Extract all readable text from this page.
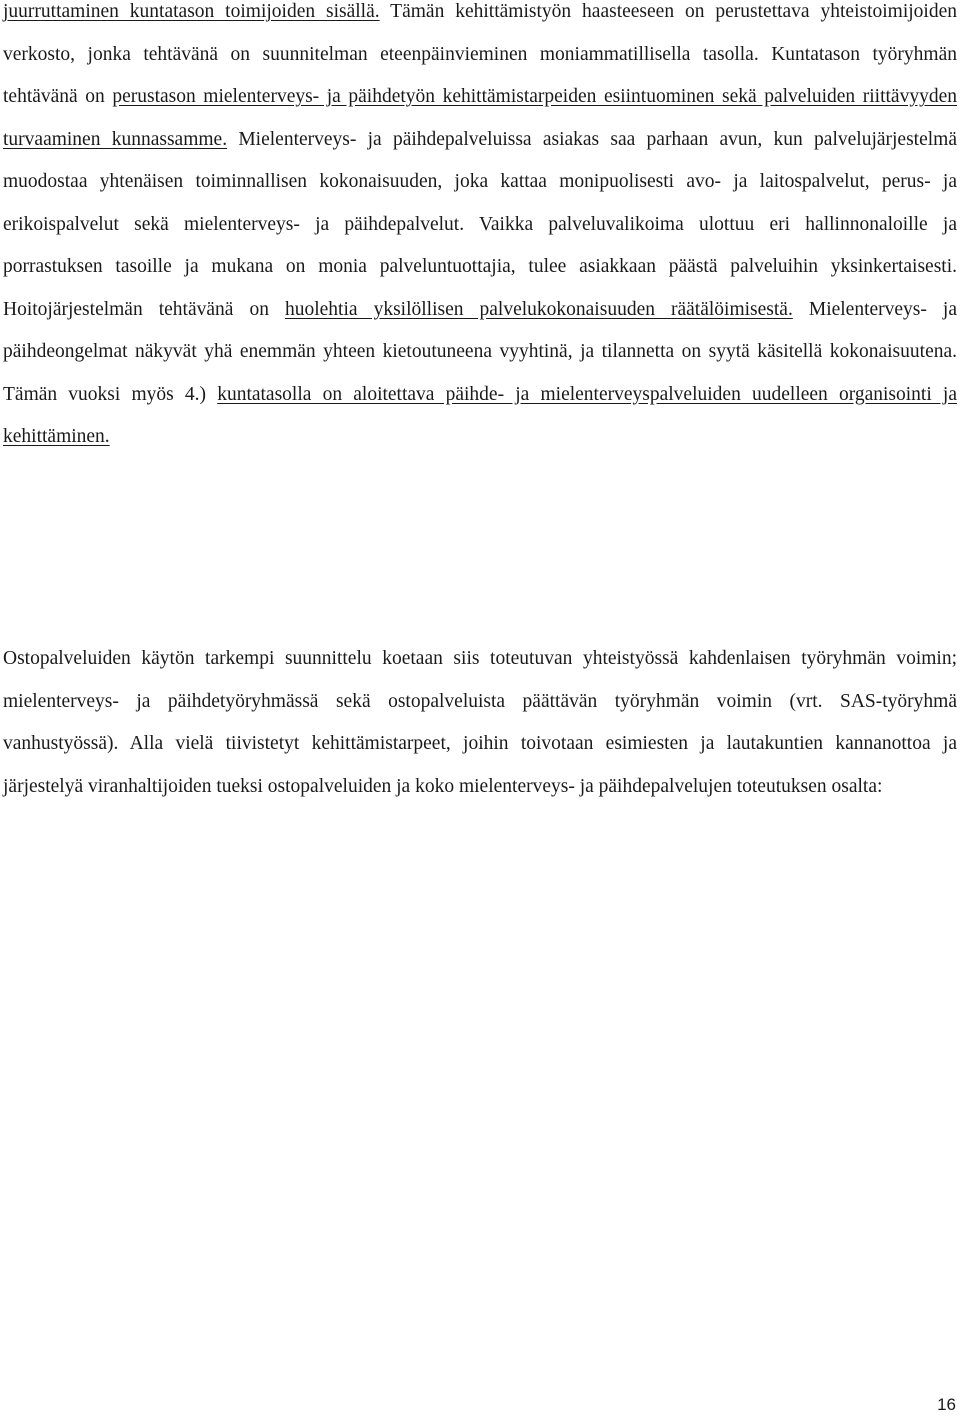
juurruttaminen kuntatason toimijoiden sisällä. Tämän kehittämistyön haasteeseen on perustettava yhteistoimijoiden verkosto, jonka tehtävänä on suunnitelman eteenpäinvieminen moniammatillisella tasolla. Kuntatason työryhmän tehtävänä on perustason mielenterveys- ja päihdetyön kehittämistarpeiden esiintuominen sekä palveluiden riittävyyden turvaaminen kunnassamme. Mielenterveys- ja päihdepalveluissa asiakas saa parhaan avun, kun palvelujärjestelmä muodostaa yhtenäisen toiminnallisen kokonaisuuden, joka kattaa monipuolisesti avo- ja laitospalvelut, perus- ja erikoispalvelut sekä mielenterveys- ja päihdepalvelut. Vaikka palveluvalikoima ulottuu eri hallinnonaloille ja porrastuksen tasoille ja mukana on monia palveluntuottajia, tulee asiakkaan päästä palveluihin yksinkertaisesti. Hoitojärjestelmän tehtävänä on huolehtia yksilöllisen palvelukokonaisuuden räätälöimisestä. Mielenterveys- ja päihdeongelmat näkyvät yhä enemmän yhteen kietoutuneena vyyhtinä, ja tilannetta on syytä käsitellä kokonaisuutena. Tämän vuoksi myös 4.) kuntatasolla on aloitettava päihde- ja mielenterveyspalveluiden uudelleen organisointi ja kehittäminen.

Ostopalveluiden käytön tarkempi suunnittelu koetaan siis toteutuvan yhteistyössä kahdenlaisen työryhmän voimin; mielenterveys- ja päihdetyöryhmässä sekä ostopalveluista päättävän työryhmän voimin (vrt. SAS-työryhmä vanhustyössä). Alla vielä tiivistetyt kehittämistarpeet, joihin toivotaan esimiesten ja lautakuntien kannanottoa ja järjestelyä viranhaltijoiden tueksi ostopalveluiden ja koko mielenterveys- ja päihdepalvelujen toteutuksen osalta:

16
